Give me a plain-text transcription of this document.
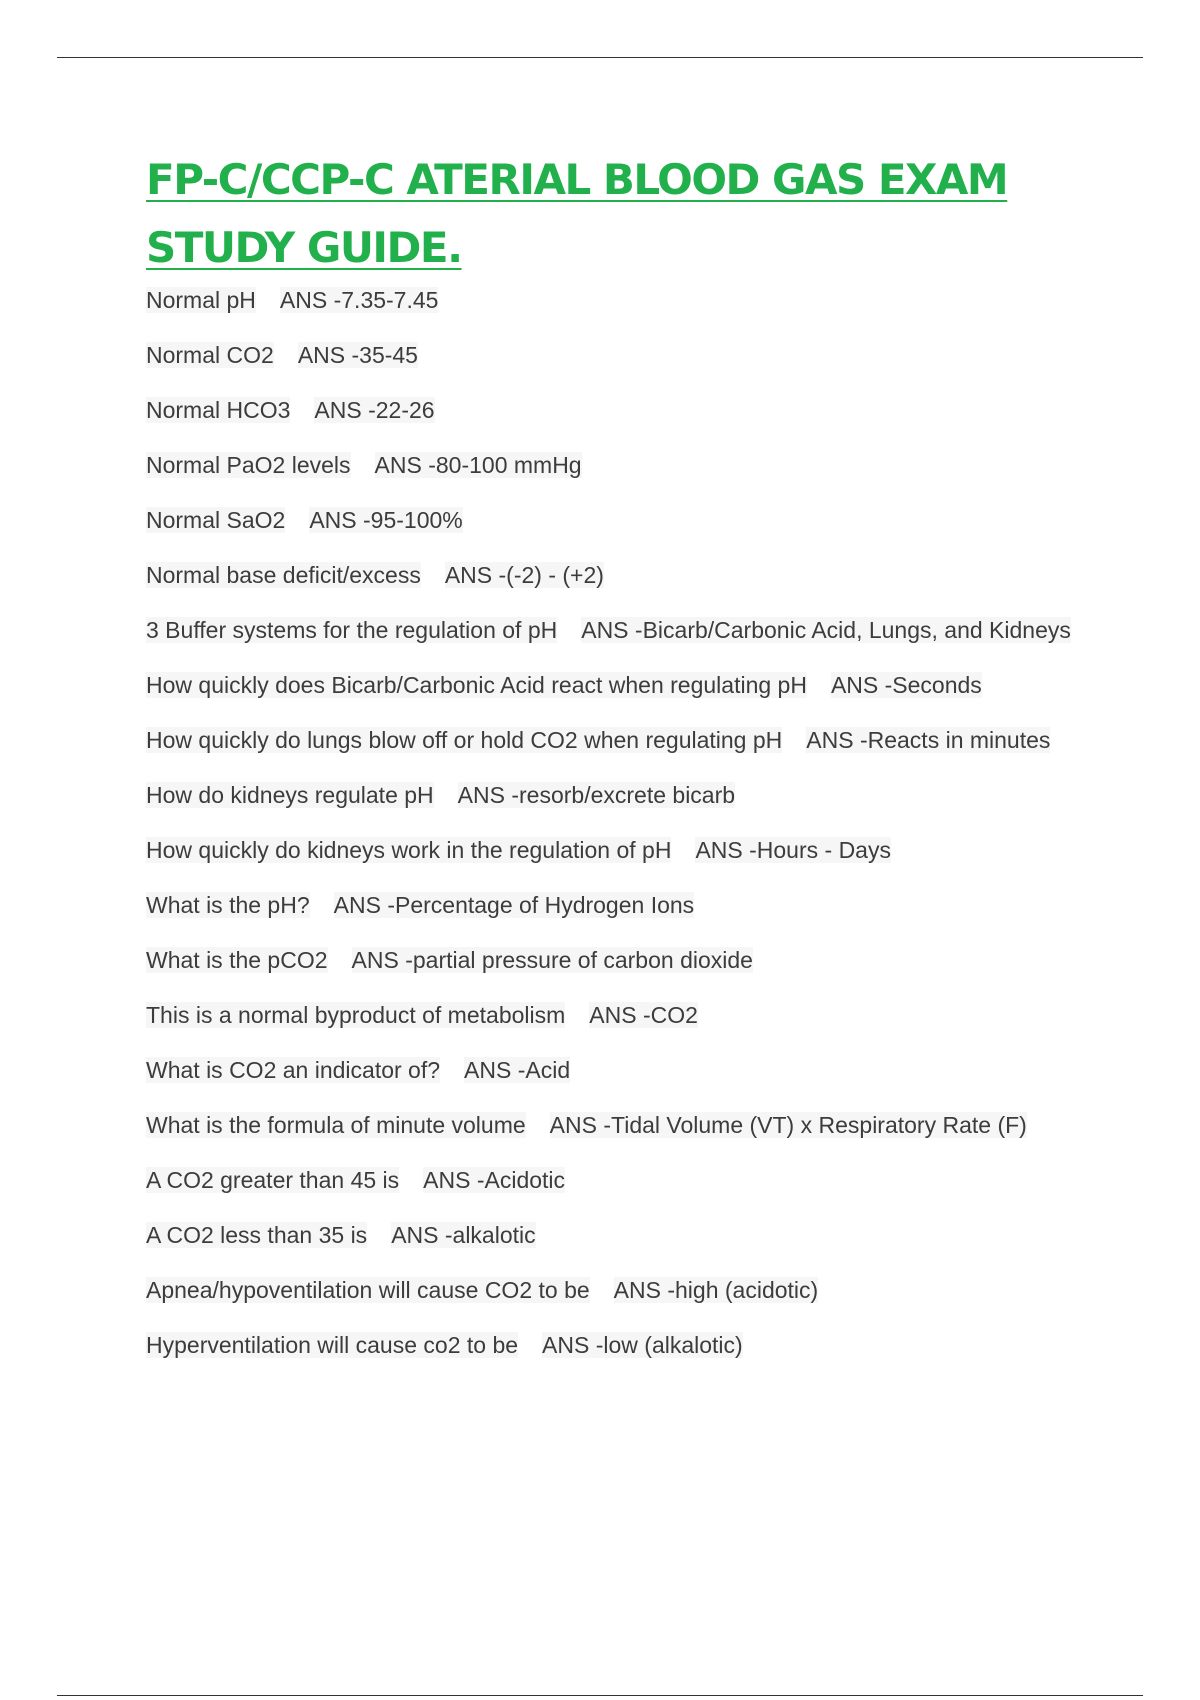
FP-C/CCP-C ATERIAL BLOOD GAS EXAM
STUDY GUIDE.
Normal pH ANS -7.35-7.45
Normal CO2 ANS -35-45
Normal HCO3 ANS -22-26
Normal PaO2 levels ANS -80-100 mmHg
Normal SaO2 ANS -95-100%
Normal base deficit/excess ANS -(-2) - (+2)
3 Buffer systems for the regulation of pH ANS -Bicarb/Carbonic Acid, Lungs, and Kidneys
How quickly does Bicarb/Carbonic Acid react when regulating pH ANS -Seconds
How quickly do lungs blow off or hold CO2 when regulating pH ANS -Reacts in minutes
How do kidneys regulate pH ANS -resorb/excrete bicarb
How quickly do kidneys work in the regulation of pH ANS -Hours - Days
What is the pH? ANS -Percentage of Hydrogen Ions
What is the pCO2 ANS -partial pressure of carbon dioxide
This is a normal byproduct of metabolism ANS -CO2
What is CO2 an indicator of? ANS -Acid
What is the formula of minute volume ANS -Tidal Volume (VT) x Respiratory Rate (F)
A CO2 greater than 45 is ANS -Acidotic
A CO2 less than 35 is ANS -alkalotic
Apnea/hypoventilation will cause CO2 to be ANS -high (acidotic)
Hyperventilation will cause co2 to be ANS -low (alkalotic)
